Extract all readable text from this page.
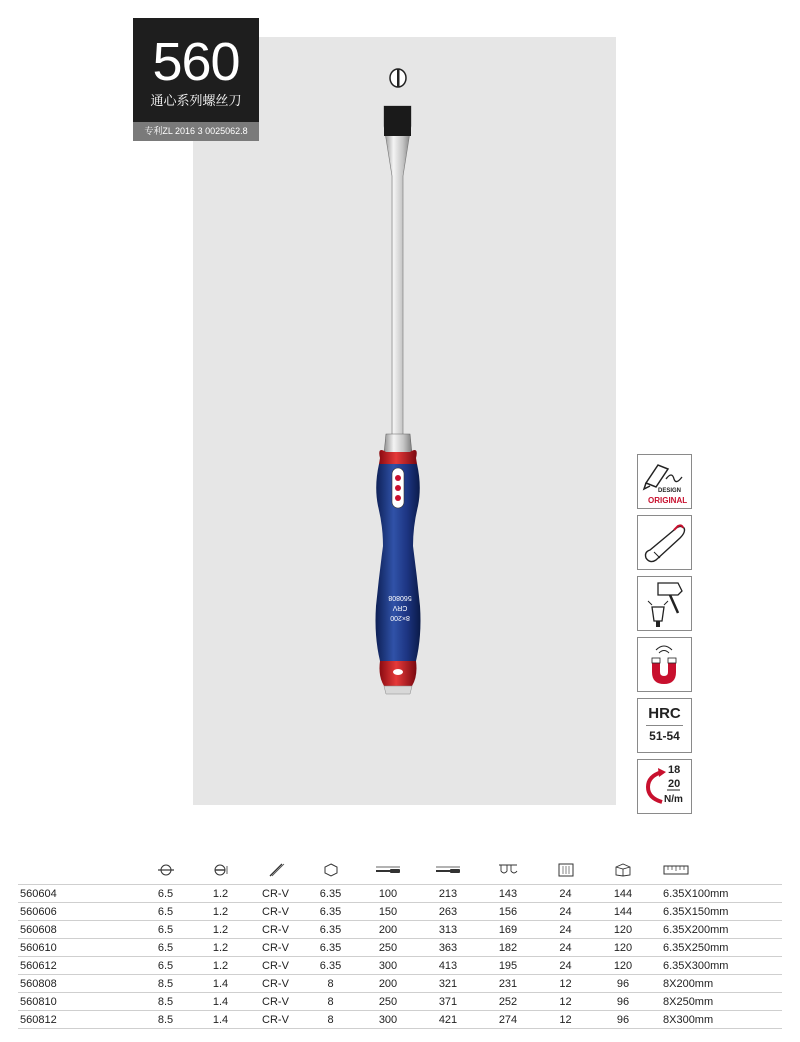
560
通心系列螺丝刀
专利ZL 2016 3 0025062.8
8×200
CRV
560808
DESIGN
ORIGINAL
HRC
51-54
18
20
N/m

560604	6.5	1.2	CR-V	6.35	100	213	143	24	144	6.35X100mm
560606	6.5	1.2	CR-V	6.35	150	263	156	24	144	6.35X150mm
560608	6.5	1.2	CR-V	6.35	200	313	169	24	120	6.35X200mm
560610	6.5	1.2	CR-V	6.35	250	363	182	24	120	6.35X250mm
560612	6.5	1.2	CR-V	6.35	300	413	195	24	120	6.35X300mm
560808	8.5	1.4	CR-V	8	200	321	231	12	96	8X200mm
560810	8.5	1.4	CR-V	8	250	371	252	12	96	8X250mm
560812	8.5	1.4	CR-V	8	300	421	274	12	96	8X300mm
